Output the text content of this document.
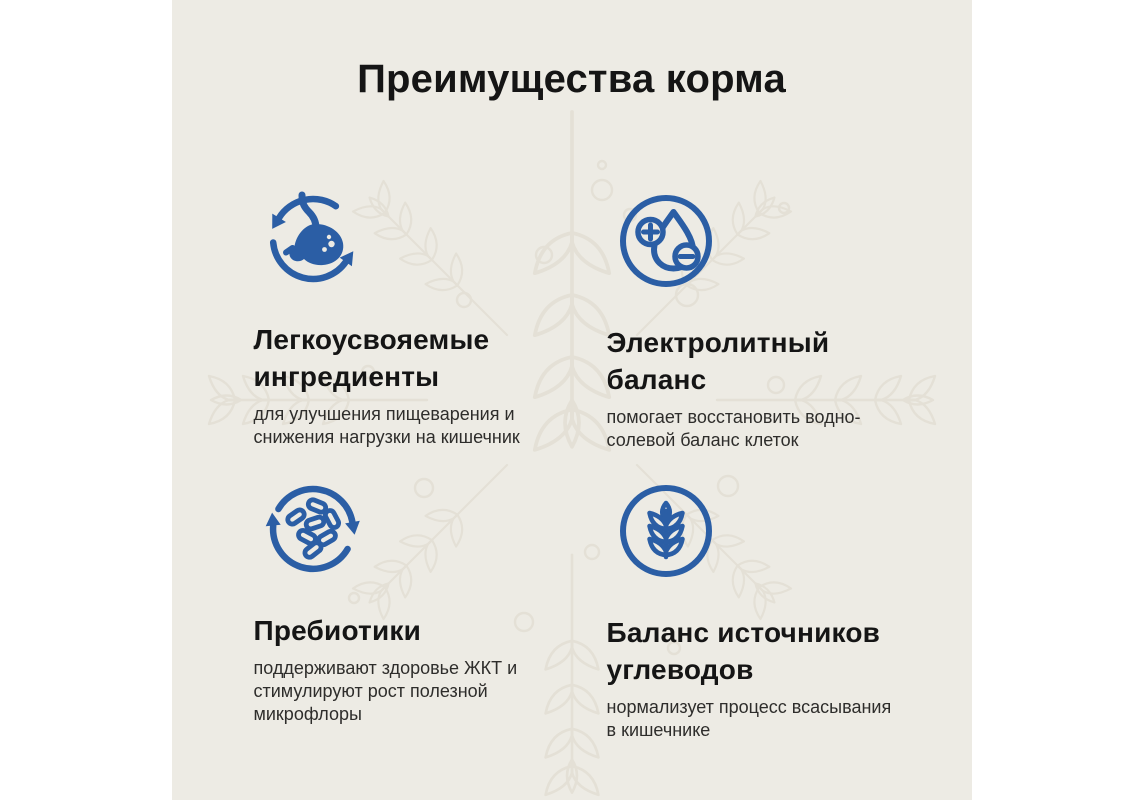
Преимущества корма
Легкоусвояемые ингредиенты

для улучшения пищеварения и снижения нагрузки на кишечник

Электролитный баланс

помогает восстановить водно-солевой баланс клеток

Пребиотики

поддерживают здоровье ЖКТ и стимулируют рост полезной микрофлоры

Баланс источников углеводов

нормализует процесс всасывания в кишечнике
